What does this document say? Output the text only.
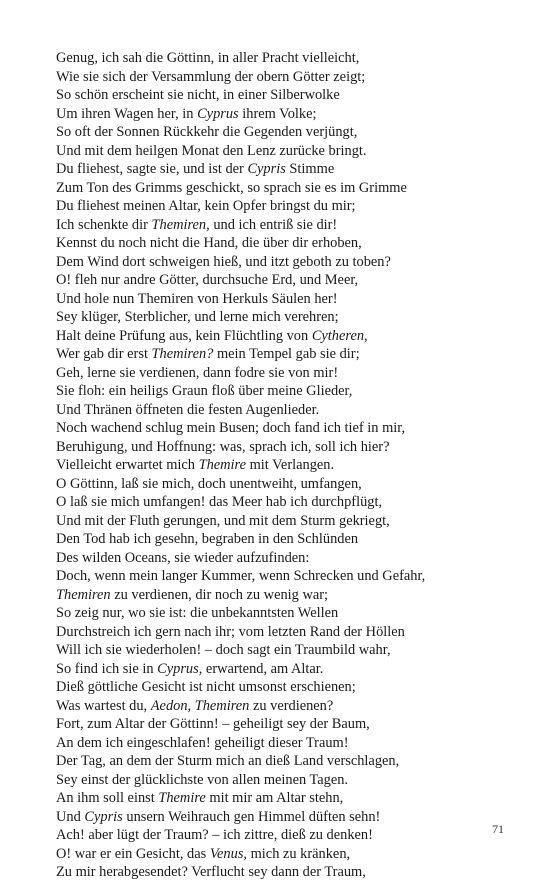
Genug, ich sah die Göttinn, in aller Pracht vielleicht,
Wie sie sich der Versammlung der obern Götter zeigt;
So schön erscheint sie nicht, in einer Silberwolke
Um ihren Wagen her, in Cyprus ihrem Volke;
So oft der Sonnen Rückkehr die Gegenden verjüngt,
Und mit dem heilgen Monat den Lenz zurücke bringt.
Du fliehest, sagte sie, und ist der Cypris Stimme
Zum Ton des Grimms geschickt, so sprach sie es im Grimme
Du fliehest meinen Altar, kein Opfer bringst du mir;
Ich schenkte dir Themiren, und ich entriß sie dir!
Kennst du noch nicht die Hand, die über dir erhoben,
Dem Wind dort schweigen hieß, und itzt geboth zu toben?
O! fleh nur andre Götter, durchsuche Erd, und Meer,
Und hole nun Themiren von Herkuls Säulen her!
Sey klüger, Sterblicher, und lerne mich verehren;
Halt deine Prüfung aus, kein Flüchtling von Cytheren,
Wer gab dir erst Themiren? mein Tempel gab sie dir;
Geh, lerne sie verdienen, dann fodre sie von mir!
Sie floh: ein heiligs Graun floß über meine Glieder,
Und Thränen öffneten die festen Augenlieder.
Noch wachend schlug mein Busen; doch fand ich tief in mir,
Beruhigung, und Hoffnung: was, sprach ich, soll ich hier?
Vielleicht erwartet mich Themire mit Verlangen.
O Göttinn, laß sie mich, doch unentweiht, umfangen,
O laß sie mich umfangen! das Meer hab ich durchpflügt,
Und mit der Fluth gerungen, und mit dem Sturm gekriegt,
Den Tod hab ich gesehn, begraben in den Schlünden
Des wilden Oceans, sie wieder aufzufinden:
Doch, wenn mein langer Kummer, wenn Schrecken und Gefahr,
Themiren zu verdienen, dir noch zu wenig war;
So zeig nur, wo sie ist: die unbekanntsten Wellen
Durchstreich ich gern nach ihr; vom letzten Rand der Höllen
Will ich sie wiederholen! – doch sagt ein Traumbild wahr,
So find ich sie in Cyprus, erwartend, am Altar.
Dieß göttliche Gesicht ist nicht umsonst erschienen;
Was wartest du, Aedon, Themiren zu verdienen?
Fort, zum Altar der Göttinn! – geheiligt sey der Baum,
An dem ich eingeschlafen! geheiligt dieser Traum!
Der Tag, an dem der Sturm mich an dieß Land verschlagen,
Sey einst der glücklichste von allen meinen Tagen.
An ihm soll einst Themire mit mir am Altar stehn,
Und Cypris unsern Weihrauch gen Himmel düften sehn!
Ach! aber lügt der Traum? – ich zittre, dieß zu denken!
O! war er ein Gesicht, das Venus, mich zu kränken,
Zu mir herabgesendet? Verflucht sey dann der Traum,
71
